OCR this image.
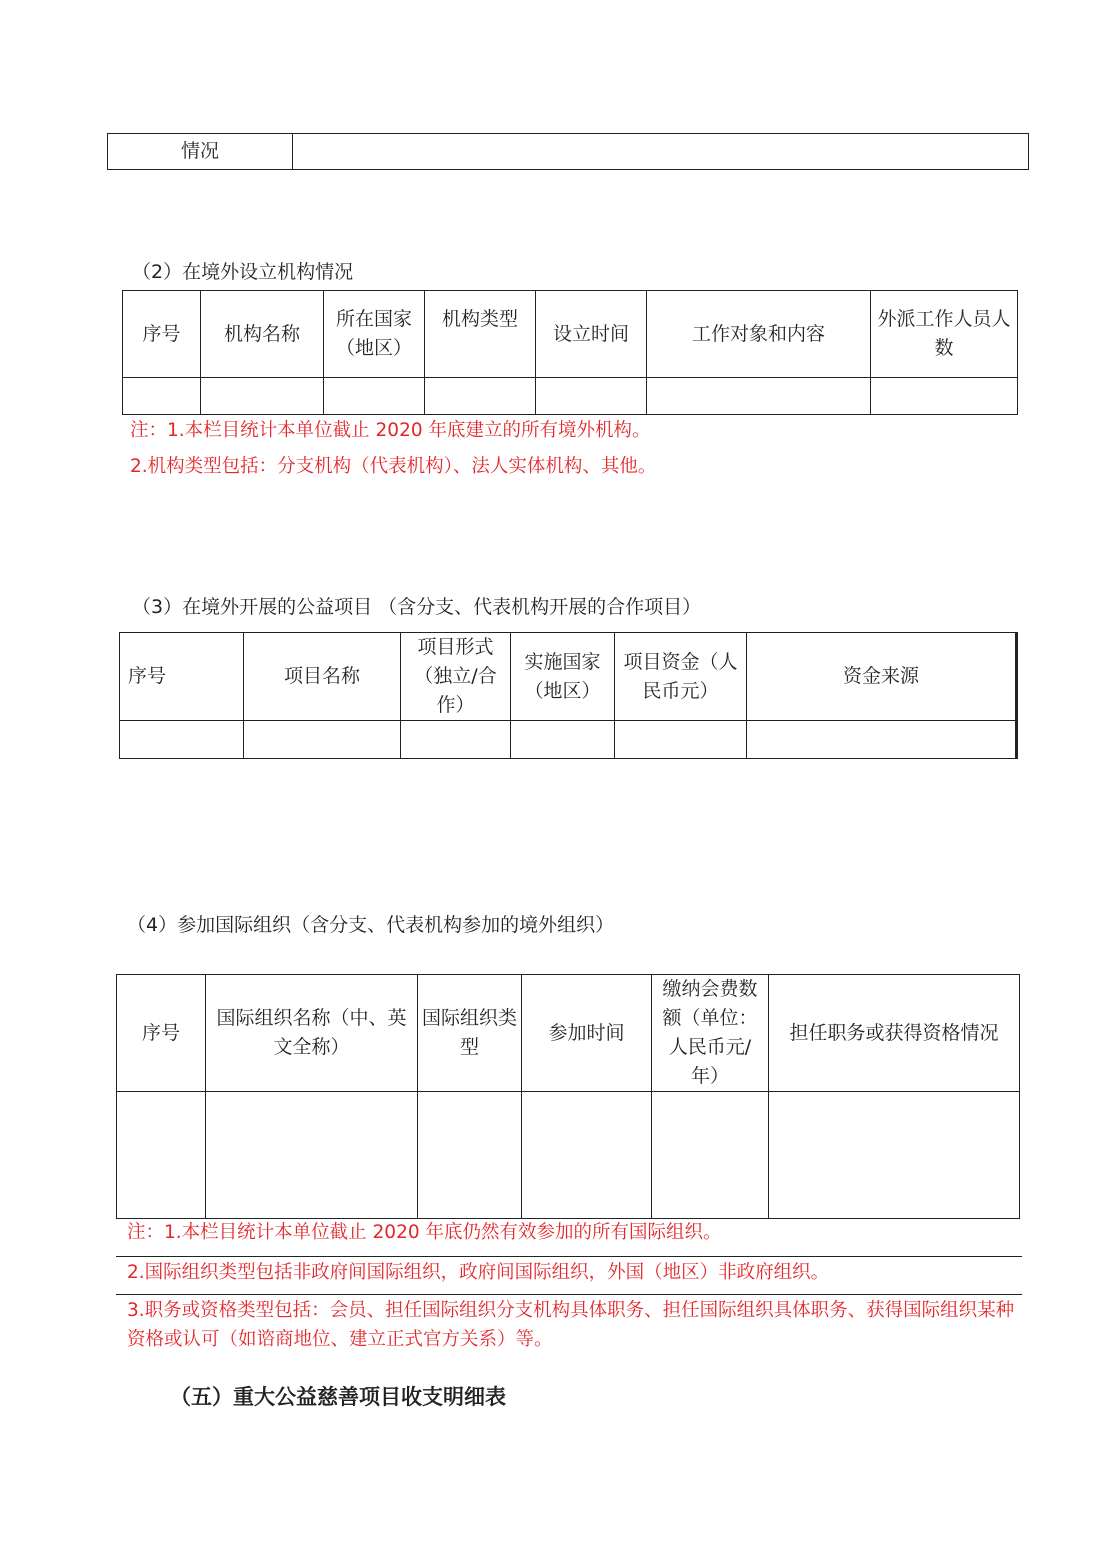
情况	
（2）在境外设立机构情况
序号	机构名称	所在国家（地区）	机构类型	设立时间	工作对象和内容	外派工作人员人数

注：1.本栏目统计本单位截止 2020 年底建立的所有境外机构。
2.机构类型包括：分支机构（代表机构）、法人实体机构、其他。
（3）在境外开展的公益项目 （含分支、代表机构开展的合作项目）
序号	项目名称	项目形式（独立/合作）	实施国家（地区）	项目资金（人民币元）	资金来源

（4）参加国际组织（含分支、代表机构参加的境外组织）
序号	国际组织名称（中、英文全称）	国际组织类型	参加时间	缴纳会费数额（单位：人民币元/年）	担任职务或获得资格情况

注：1.本栏目统计本单位截止 2020 年底仍然有效参加的所有国际组织。
2.国际组织类型包括非政府间国际组织，政府间国际组织，外国（地区）非政府组织。
3.职务或资格类型包括：会员、担任国际组织分支机构具体职务、担任国际组织具体职务、获得国际组织某种资格或认可（如谘商地位、建立正式官方关系）等。
（五）重大公益慈善项目收支明细表
